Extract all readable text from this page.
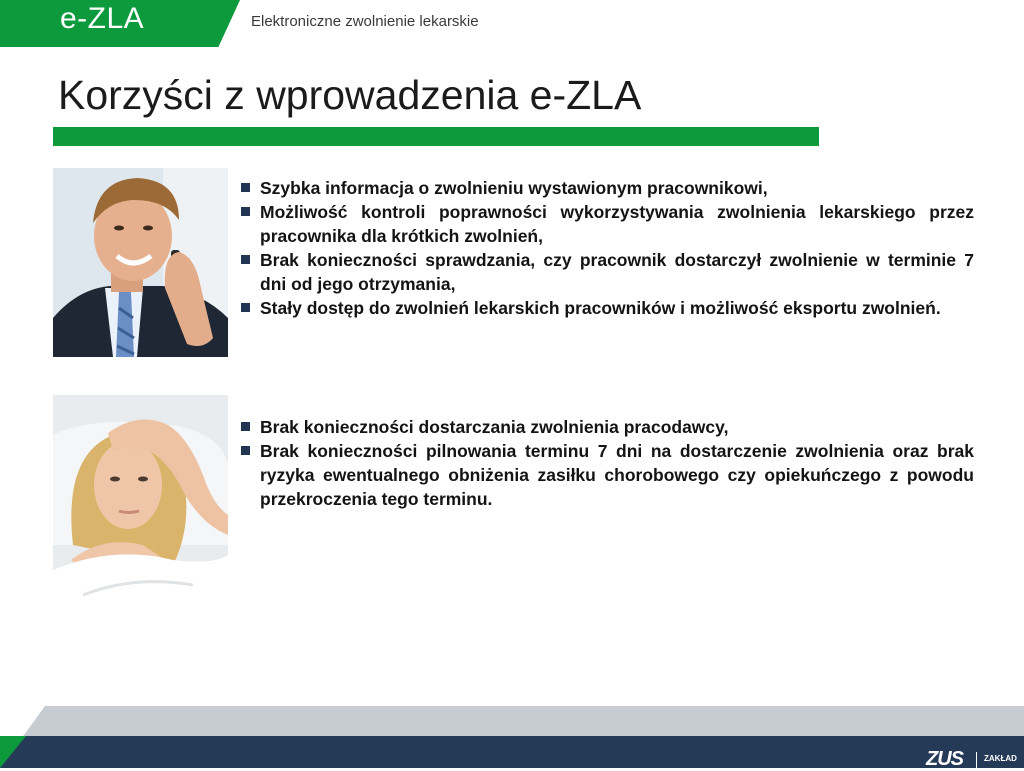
e-ZLA	Elektroniczne zwolnienie lekarskie
Korzyści z wprowadzenia e-ZLA
Szybka informacja o zwolnieniu wystawionym pracownikowi,
Możliwość kontroli poprawności wykorzystywania zwolnienia lekarskiego przez pracownika dla krótkich zwolnień,
Brak konieczności sprawdzania, czy pracownik dostarczył zwolnienie w terminie 7 dni od jego otrzymania,
Stały dostęp do zwolnień lekarskich pracowników i możliwość eksportu zwolnień.
Brak konieczności dostarczania zwolnienia pracodawcy,
Brak konieczności pilnowania terminu 7 dni na dostarczenie zwolnienia oraz brak ryzyka ewentualnego obniżenia zasiłku chorobowego czy opiekuńczego z powodu przekroczenia tego terminu.
ZUS	ZAKŁAD
